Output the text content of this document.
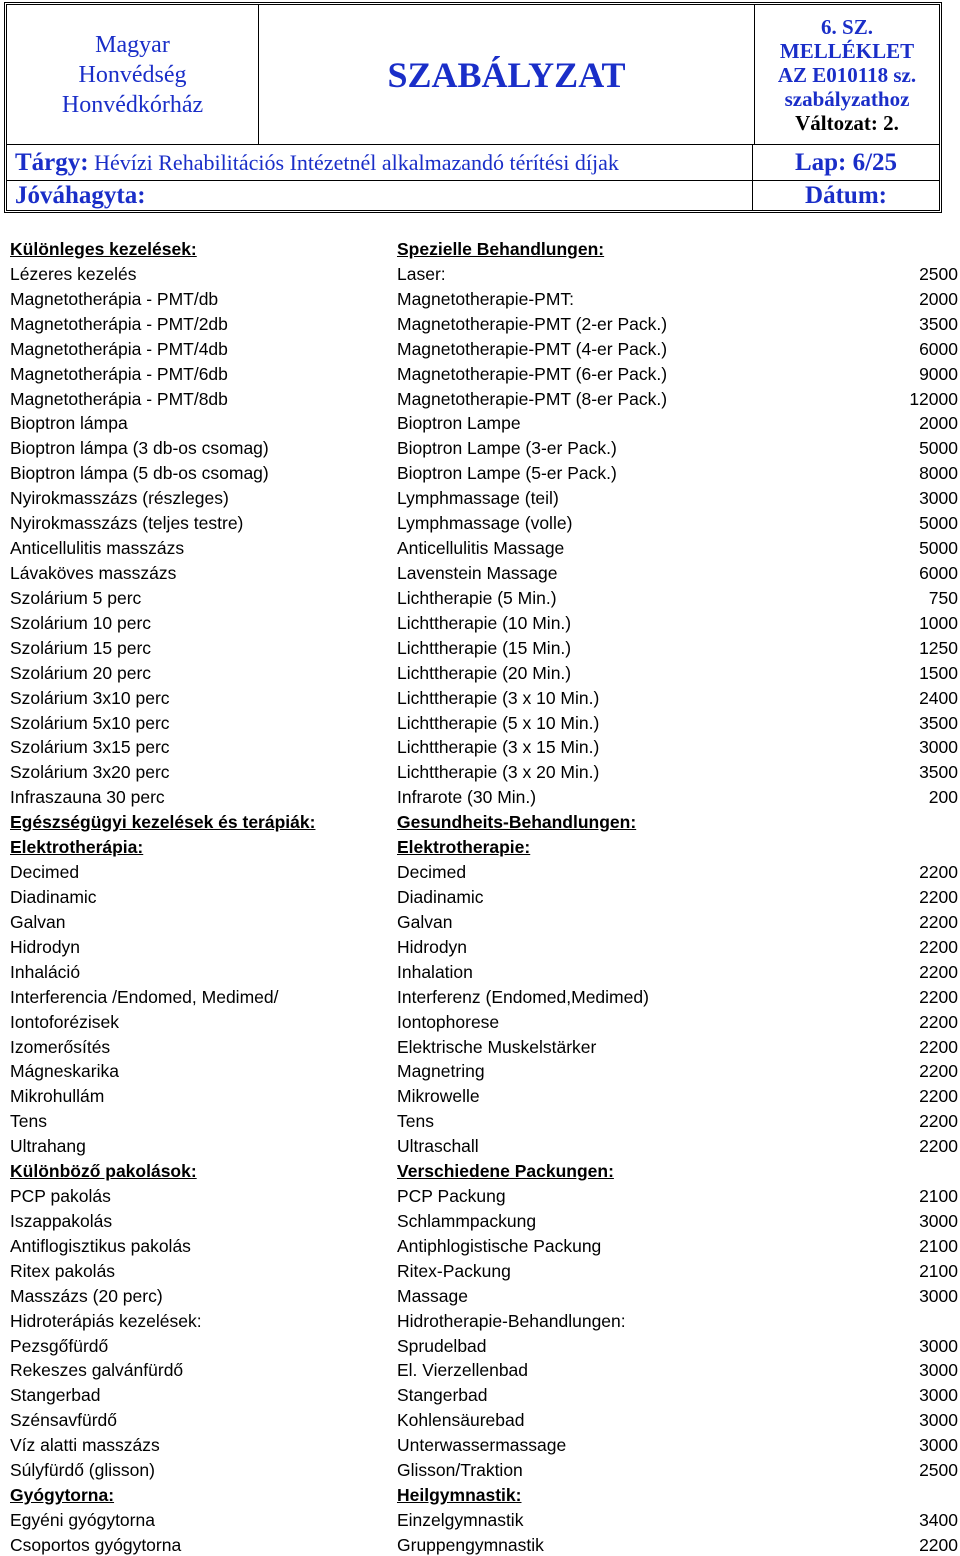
Magyar
Honvédség
Honvédkórház
SZABÁLYZAT
6. SZ.
MELLÉKLET
AZ E010118 sz.
szabályzathoz
Változat: 2.
Tárgy: Hévízi Rehabilitációs Intézetnél alkalmazandó térítési díjak	Lap: 6/25
Jóváhagyta:	Dátum:
Különleges kezelések:	Spezielle Behandlungen:
Lézeres kezelés	Laser:	2500
Magnetotherápia - PMT/db	Magnetotherapie-PMT:	2000
Magnetotherápia - PMT/2db	Magnetotherapie-PMT (2-er Pack.)	3500
Magnetotherápia - PMT/4db	Magnetotherapie-PMT (4-er Pack.)	6000
Magnetotherápia - PMT/6db	Magnetotherapie-PMT (6-er Pack.)	9000
Magnetotherápia - PMT/8db	Magnetotherapie-PMT (8-er Pack.)	12000
Bioptron lámpa	Bioptron Lampe	2000
Bioptron lámpa (3 db-os csomag)	Bioptron Lampe (3-er Pack.)	5000
Bioptron lámpa (5 db-os csomag)	Bioptron Lampe (5-er Pack.)	8000
Nyirokmasszázs (részleges)	Lymphmassage (teil)	3000
Nyirokmasszázs (teljes testre)	Lymphmassage (volle)	5000
Anticellulitis masszázs	Anticellulitis Massage	5000
Lávaköves masszázs	Lavenstein Massage	6000
Szolárium 5 perc	Lichtherapie (5 Min.)	750
Szolárium 10 perc	Lichttherapie (10 Min.)	1000
Szolárium 15 perc	Lichttherapie (15 Min.)	1250
Szolárium 20 perc	Lichttherapie (20 Min.)	1500
Szolárium 3x10 perc	Lichttherapie (3 x 10 Min.)	2400
Szolárium 5x10 perc	Lichttherapie (5 x 10 Min.)	3500
Szolárium 3x15 perc	Lichttherapie (3 x 15 Min.)	3000
Szolárium 3x20 perc	Lichttherapie (3 x 20 Min.)	3500
Infraszauna 30 perc	Infrarote (30 Min.)	200
Egészségügyi kezelések és terápiák:	Gesundheits-Behandlungen:
Elektrotherápia:	Elektrotherapie:
Decimed	Decimed	2200
Diadinamic	Diadinamic	2200
Galvan	Galvan	2200
Hidrodyn	Hidrodyn	2200
Inhaláció	Inhalation	2200
Interferencia /Endomed, Medimed/	Interferenz (Endomed,Medimed)	2200
Iontoforézisek	Iontophorese	2200
Izomerősítés	Elektrische Muskelstärker	2200
Mágneskarika	Magnetring	2200
Mikrohullám	Mikrowelle	2200
Tens	Tens	2200
Ultrahang	Ultraschall	2200
Különböző pakolások:	Verschiedene Packungen:
PCP pakolás	PCP Packung	2100
Iszappakolás	Schlammpackung	3000
Antiflogisztikus pakolás	Antiphlogistische Packung	2100
Ritex pakolás	Ritex-Packung	2100
Masszázs (20 perc)	Massage	3000
Hidroterápiás kezelések:	Hidrotherapie-Behandlungen:
Pezsgőfürdő	Sprudelbad	3000
Rekeszes galvánfürdő	El. Vierzellenbad	3000
Stangerbad	Stangerbad	3000
Szénsavfürdő	Kohlensäurebad	3000
Víz alatti masszázs	Unterwassermassage	3000
Súlyfürdő (glisson)	Glisson/Traktion	2500
Gyógytorna:	Heilgymnastik:
Egyéni gyógytorna	Einzelgymnastik	3400
Csoportos gyógytorna	Gruppengymnastik	2200
